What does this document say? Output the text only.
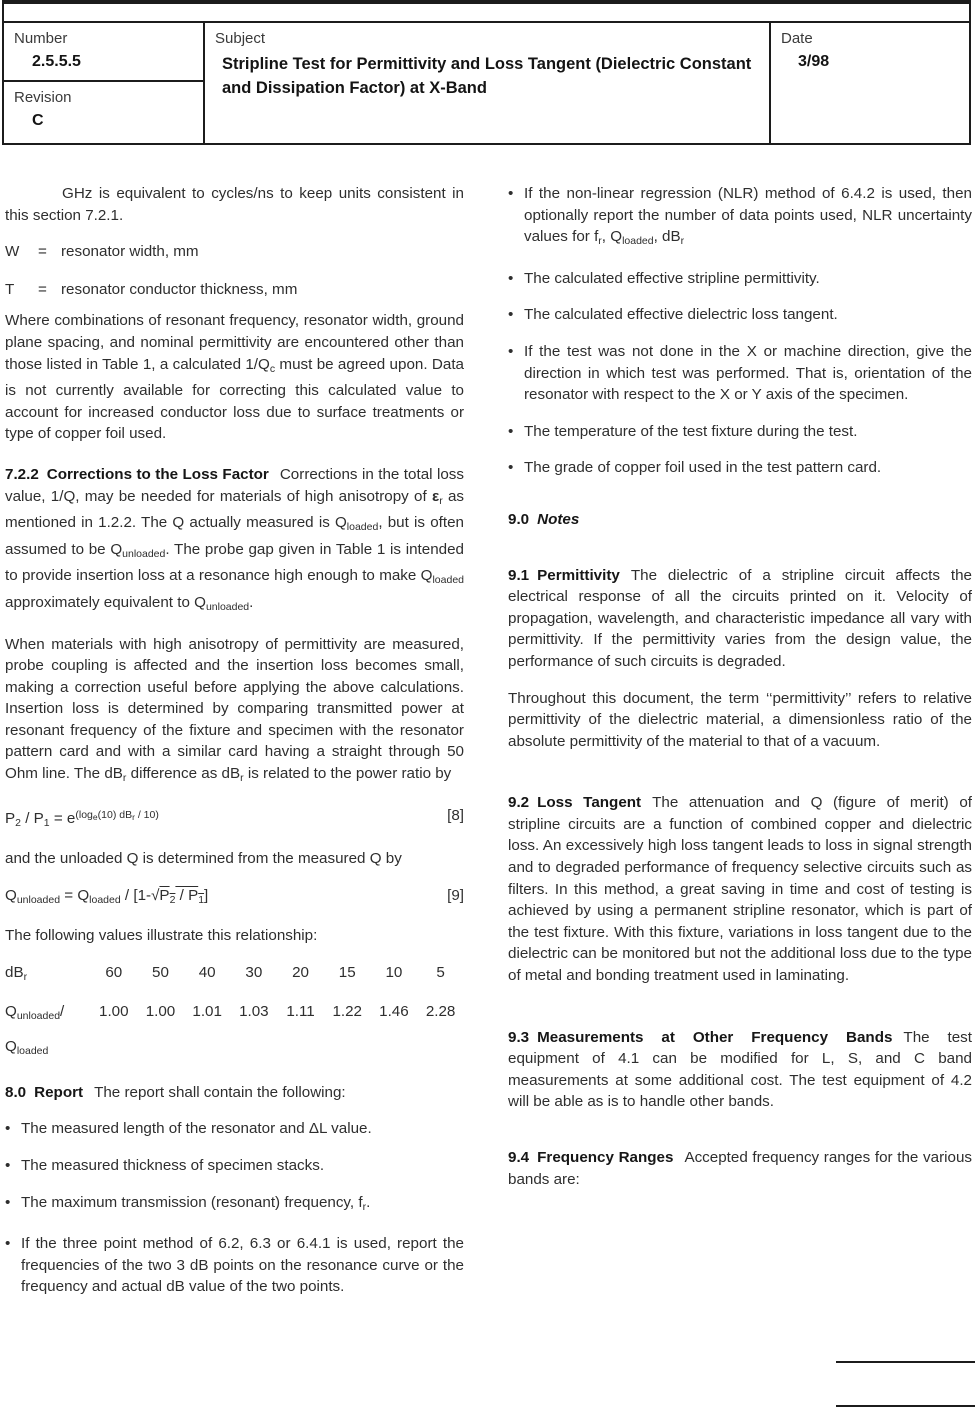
Number
2.5.5.5
Revision
C
Subject
Stripline Test for Permittivity and Loss Tangent (Dielectric Constant and Dissipation Factor) at X-Band
Date
3/98

GHz is equivalent to cycles/ns to keep units consistent in this section 7.2.1.

W	= resonator width, mm
T	= resonator conductor thickness, mm

Where combinations of resonant frequency, resonator width, ground plane spacing, and nominal permittivity are encountered other than those listed in Table 1, a calculated $1/Q_c$ must be agreed upon. Data is not currently available for correcting this calculated value to account for increased conductor loss due to surface treatments or type of copper foil used.

7.2.2 Corrections to the Loss Factor Corrections in the total loss value, 1/Q, may be needed for materials of high anisotropy of $\varepsilon_r$ as mentioned in 1.2.2. The Q actually measured is $Q_{loaded}$, but is often assumed to be $Q_{unloaded}$. The probe gap given in Table 1 is intended to provide insertion loss at a resonance high enough to make $Q_{loaded}$ approximately equivalent to $Q_{unloaded}$.

When materials with high anisotropy of permittivity are measured, probe coupling is affected and the insertion loss becomes small, making a correction useful before applying the above calculations. Insertion loss is determined by comparing transmitted power at resonant frequency of the fixture and specimen with the resonator pattern card and with a similar card having a straight through 50 Ohm line. The $dB_r$ difference as $dB_r$ is related to the power ratio by

$P_2 / P_1 = e^{(log_e(10) dB_r / 10)}$	[8]

and the unloaded Q is determined from the measured Q by

$Q_{unloaded} = Q_{loaded} / [1-√P_2 / P_1]$	[9]

The following values illustrate this relationship:

$dB_r$	60	50	40	30	20	15	10	5
$Q_{unloaded}/$
$Q_{loaded}$
1.00	1.00	1.01	1.03	1.11	1.22	1.46	2.28

8.0 Report The report shall contain the following:

• The measured length of the resonator and ΔL value.
• The measured thickness of specimen stacks.
• The maximum transmission (resonant) frequency, $f_r$.
• If the three point method of 6.2, 6.3 or 6.4.1 is used, report the frequencies of the two 3 dB points on the resonance curve or the frequency and actual dB value of the two points.
• If the non-linear regression (NLR) method of 6.4.2 is used, then optionally report the number of data points used, NLR uncertainty values for $f_r$, $Q_{loaded}$, $dB_r$
• The calculated effective stripline permittivity.
• The calculated effective dielectric loss tangent.
• If the test was not done in the X or machine direction, give the direction in which test was performed. That is, orientation of the resonator with respect to the X or Y axis of the specimen.
• The temperature of the test fixture during the test.
• The grade of copper foil used in the test pattern card.

9.0 Notes

9.1 Permittivity The dielectric of a stripline circuit affects the electrical response of all the circuits printed on it. Velocity of propagation, wavelength, and characteristic impedance all vary with permittivity. If the permittivity varies from the design value, the performance of such circuits is degraded.

Throughout this document, the term ‘‘permittivity’’ refers to relative permittivity of the dielectric material, a dimensionless ratio of the absolute permittivity of the material to that of a vacuum.

9.2 Loss Tangent The attenuation and Q (figure of merit) of stripline circuits are a function of combined copper and dielectric loss. An excessively high loss tangent leads to loss in signal strength and to degraded performance of frequency selective circuits such as filters. In this method, a great saving in time and cost of testing is achieved by using a permanent stripline resonator, which is part of the test fixture. With this fixture, variations in loss tangent due to the dielectric can be monitored but not the additional loss due to the type of metal and bonding treatment used in laminating.

9.3 Measurements at Other Frequency Bands The test equipment of 4.1 can be modified for L, S, and C band measurements at some additional cost. The test equipment of 4.2 will be able as is to handle other bands.

9.4 Frequency Ranges Accepted frequency ranges for the various bands are:
